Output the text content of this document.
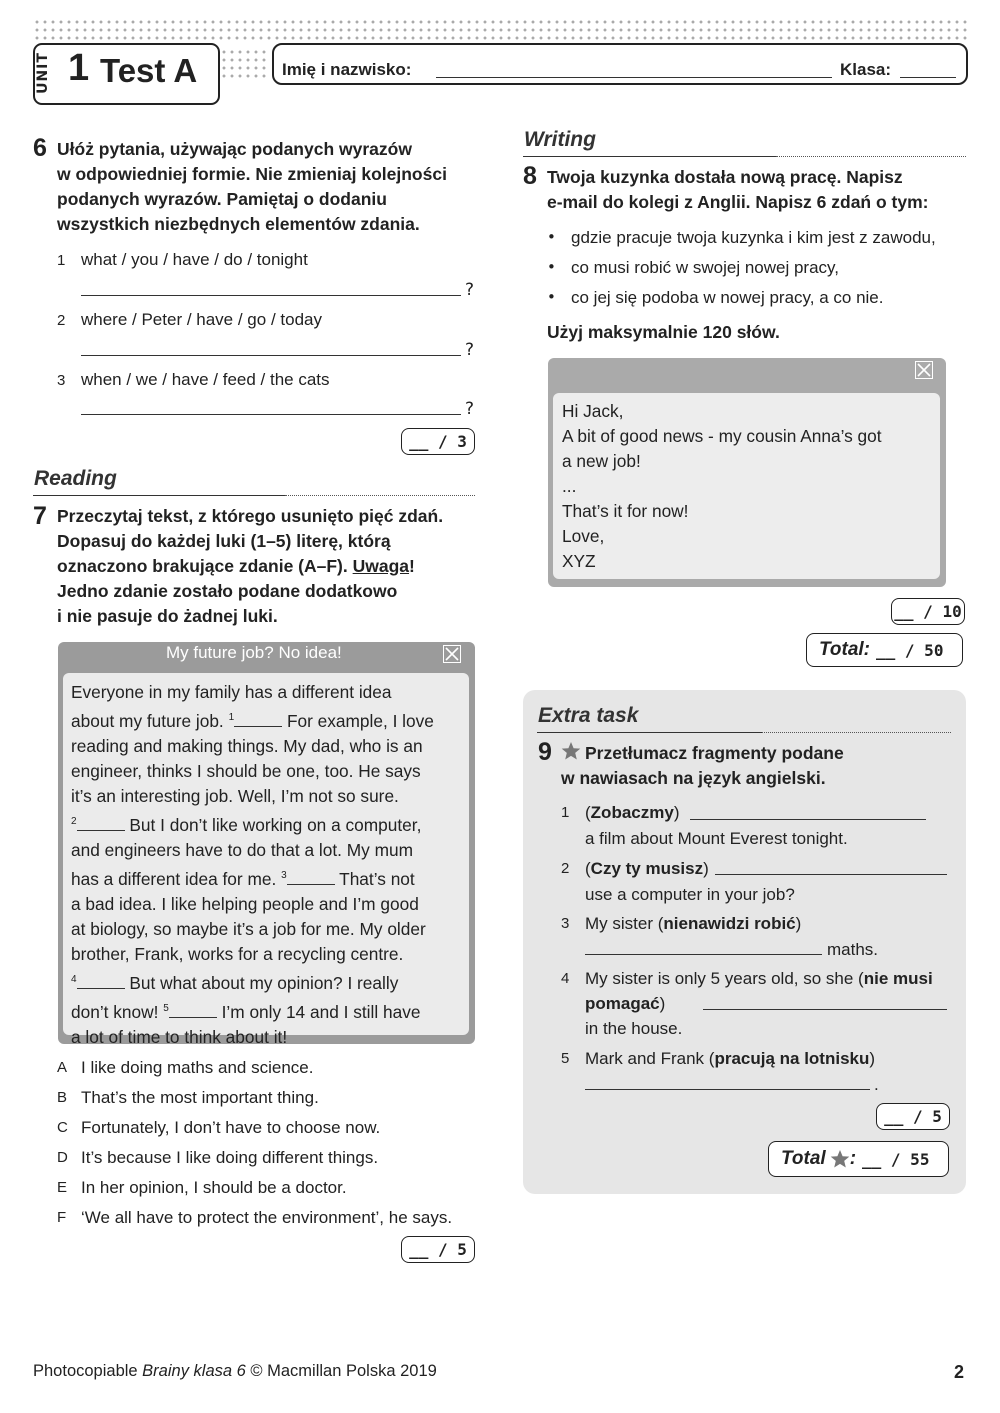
UNIT 1 Test A	Imię i nazwisko:	Klasa:
6 Ułóż pytania, używając podanych wyrazów
w odpowiedniej formie. Nie zmieniaj kolejności
podanych wyrazów. Pamiętaj o dodaniu
wszystkich niezbędnych elementów zdania.
1 what / you / have / do / tonight
?
2 where / Peter / have / go / today
?
3 when / we / have / feed / the cats
?
__ / 3
Reading
7 Przeczytaj tekst, z którego usunięto pięć zdań.
Dopasuj do każdej luki (1–5) literę, którą
oznaczono brakujące zdanie (A–F). Uwaga!
Jedno zdanie zostało podane dodatkowo
i nie pasuje do żadnej luki.
My future job? No idea!
Everyone in my family has a different idea
about my future job. $^1$	For example, I love
reading and making things. My dad, who is an
engineer, thinks I should be one, too. He says
it’s an interesting job. Well, I’m not so sure.
$^2$	But I don’t like working on a computer,
and engineers have to do that a lot. My mum
has a different idea for me. $^3$	That’s not
a bad idea. I like helping people and I’m good
at biology, so maybe it’s a job for me. My older
brother, Frank, works for a recycling centre.
$^4$	But what about my opinion? I really
don’t know! $^5$	I’m only 14 and I still have
a lot of time to think about it!
A I like doing maths and science.
B That’s the most important thing.
C Fortunately, I don’t have to choose now.
D It’s because I like doing different things.
E In her opinion, I should be a doctor.
F ‘We all have to protect the environment’, he says.
__ / 5
Writing
8 Twoja kuzynka dostała nową pracę. Napisz
e-mail do kolegi z Anglii. Napisz 6 zdań o tym:
• gdzie pracuje twoja kuzynka i kim jest z zawodu,
• co musi robić w swojej nowej pracy,
• co jej się podoba w nowej pracy, a co nie.
Użyj maksymalnie 120 słów.
Hi Jack,
A bit of good news - my cousin Anna’s got
a new job!
...
That’s it for now!
Love,
XYZ
__ / 10
Total: __ / 50
Extra task
9 Przetłumacz fragmenty podane
w nawiasach na język angielski.
1 (Zobaczmy)
a film about Mount Everest tonight.
2 (Czy ty musisz)
use a computer in your job?
3 My sister (nienawidzi robić)
maths.
4 My sister is only 5 years old, so she (nie musi
pomagać)
in the house.
5 Mark and Frank (pracują na lotnisku)
.
__ / 5
Total : __ / 55
Photocopiable Brainy klasa 6 © Macmillan Polska 2019	2
